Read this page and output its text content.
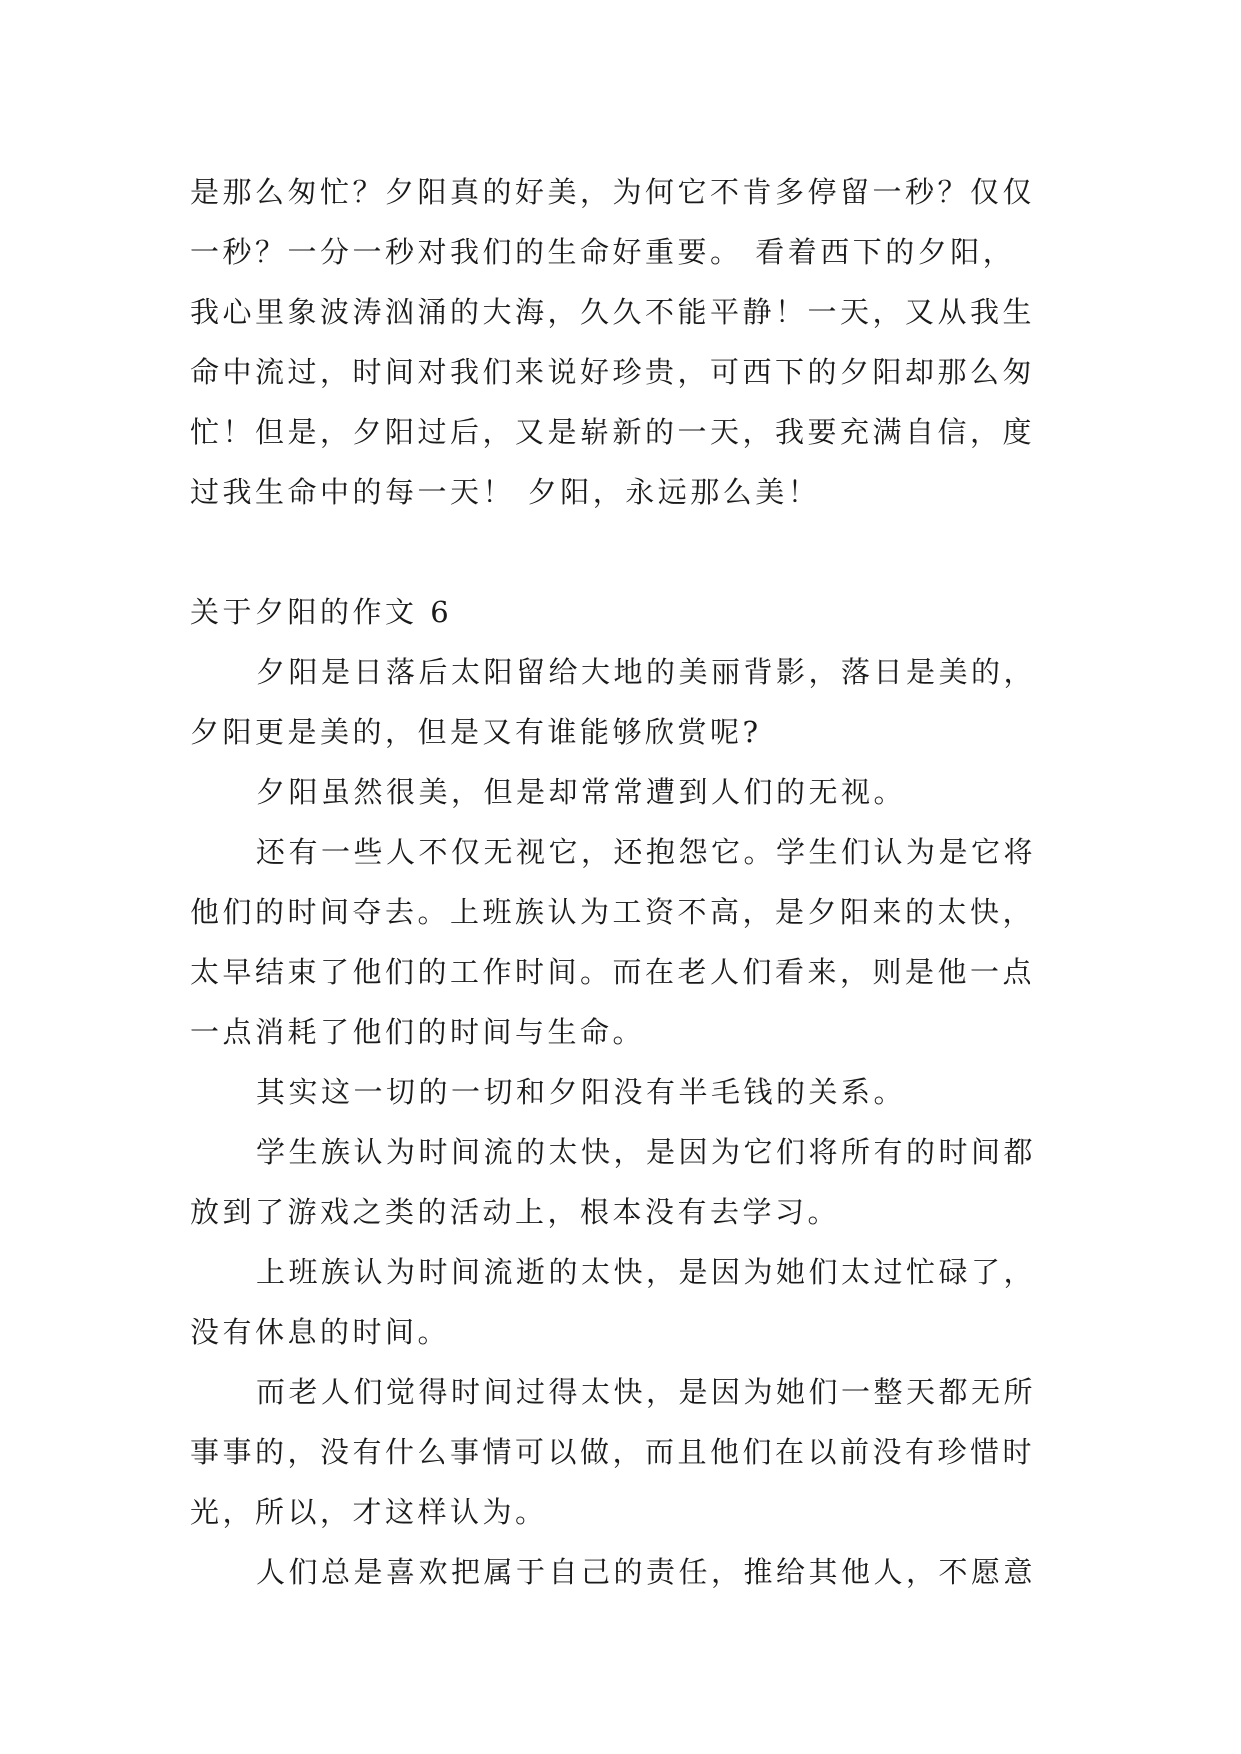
是那么匆忙？夕阳真的好美，为何它不肯多停留一秒？仅仅
一秒？一分一秒对我们的生命好重要。 看着西下的夕阳，
我心里象波涛汹涌的大海，久久不能平静！一天，又从我生
命中流过，时间对我们来说好珍贵，可西下的夕阳却那么匆
忙！但是，夕阳过后，又是崭新的一天，我要充满自信，度
过我生命中的每一天！ 夕阳，永远那么美！
关于夕阳的作文 6
夕阳是日落后太阳留给大地的美丽背影，落日是美的，
夕阳更是美的，但是又有谁能够欣赏呢?
夕阳虽然很美，但是却常常遭到人们的无视。
还有一些人不仅无视它，还抱怨它。学生们认为是它将
他们的时间夺去。上班族认为工资不高，是夕阳来的太快，
太早结束了他们的工作时间。而在老人们看来，则是他一点
一点消耗了他们的时间与生命。
其实这一切的一切和夕阳没有半毛钱的关系。
学生族认为时间流的太快，是因为它们将所有的时间都
放到了游戏之类的活动上，根本没有去学习。
上班族认为时间流逝的太快，是因为她们太过忙碌了，
没有休息的时间。
而老人们觉得时间过得太快，是因为她们一整天都无所
事事的，没有什么事情可以做，而且他们在以前没有珍惜时
光，所以，才这样认为。
人们总是喜欢把属于自己的责任，推给其他人，不愿意
